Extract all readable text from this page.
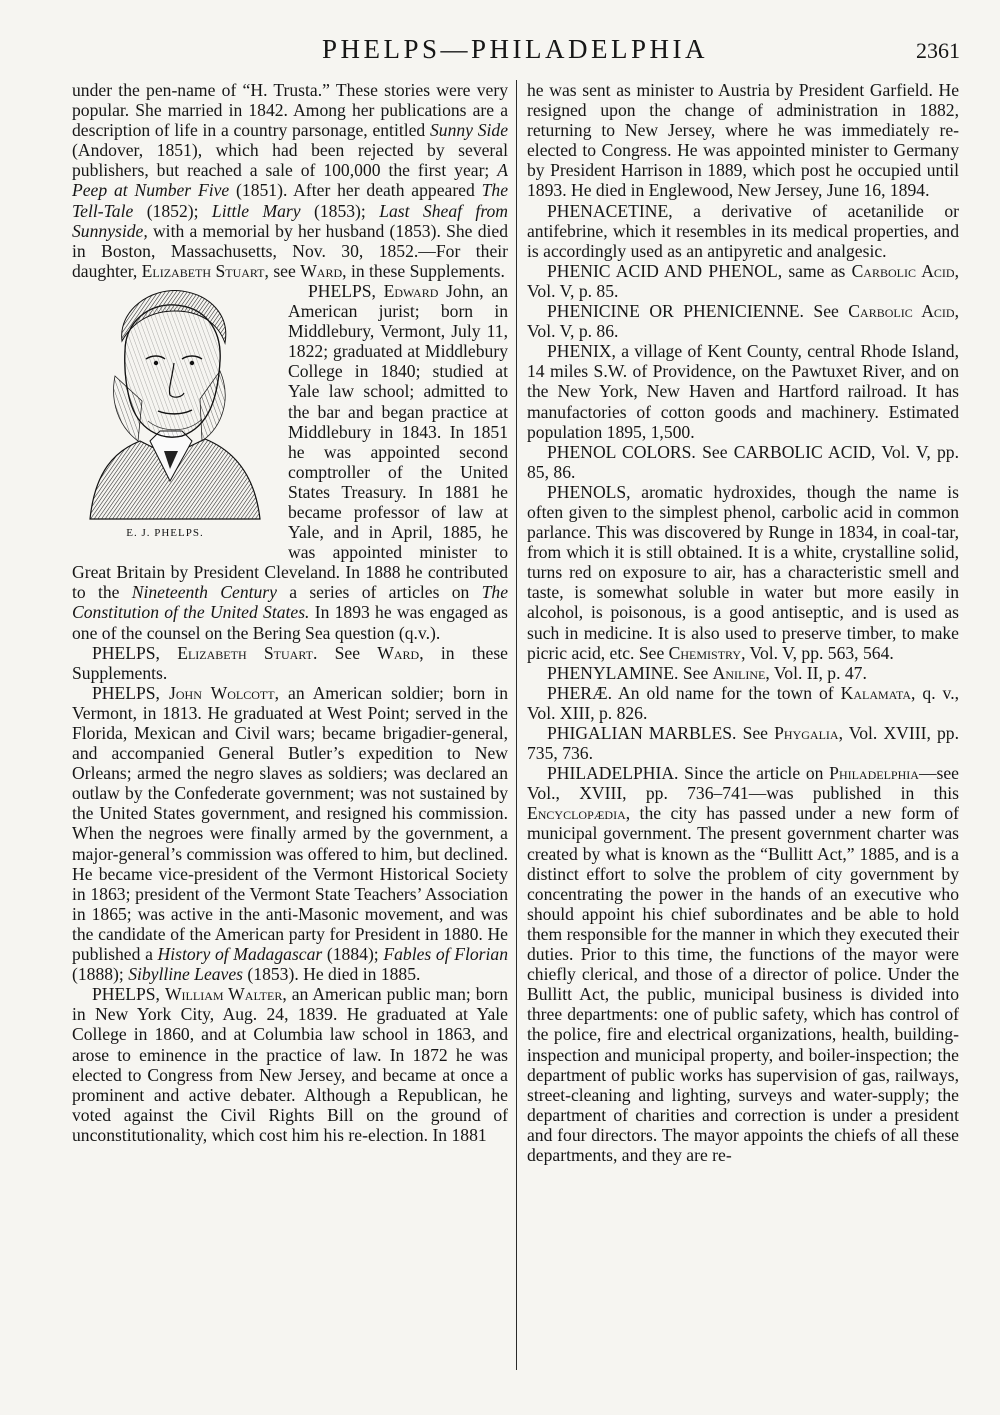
PHELPS—PHILADELPHIA	2361

under the pen-name of “H. Trusta.” These stories were very popular. She married in 1842. Among her publications are a description of life in a country parsonage, entitled Sunny Side (Andover, 1851), which had been rejected by several publishers, but reached a sale of 100,000 the first year; A Peep at Number Five (1851). After her death appeared The Tell-Tale (1852); Little Mary (1853); Last Sheaf from Sunnyside, with a memorial by her husband (1853). She died in Boston, Massachusetts, Nov. 30, 1852.—For their daughter, Elizabeth Stuart, see Ward, in these Supplements.

PHELPS, Edward
E. J. PHELPS.
John, an American jurist; born in Middlebury, Vermont, July 11, 1822; graduated at Middlebury College in 1840; studied at Yale law school; admitted to the bar and began practice at Middlebury in 1843. In 1851 he was appointed second comptroller of the United States Treasury. In 1881 he became professor of law at Yale, and in April, 1885, he was appointed minister to Great Britain by President Cleveland. In 1888 he contributed to the Nineteenth Century a series of articles on The Constitution of the United States. In 1893 he was engaged as one of the counsel on the Bering Sea question (q.v.).

PHELPS, Elizabeth Stuart. See Ward, in these Supplements.

PHELPS, John Wolcott, an American soldier; born in Vermont, in 1813. He graduated at West Point; served in the Florida, Mexican and Civil wars; became brigadier-general, and accompanied General Butler’s expedition to New Orleans; armed the negro slaves as soldiers; was declared an outlaw by the Confederate government; was not sustained by the United States government, and resigned his commission. When the negroes were finally armed by the government, a major-general’s commission was offered to him, but declined. He became vice-president of the Vermont Historical Society in 1863; president of the Vermont State Teachers’ Association in 1865; was active in the anti-Masonic movement, and was the candidate of the American party for President in 1880. He published a History of Madagascar (1884); Fables of Florian (1888); Sibylline Leaves (1853). He died in 1885.

PHELPS, William Walter, an American public man; born in New York City, Aug. 24, 1839. He graduated at Yale College in 1860, and at Columbia law school in 1863, and arose to eminence in the practice of law. In 1872 he was elected to Congress from New Jersey, and became at once a prominent and active debater. Although a Republican, he voted against the Civil Rights Bill on the ground of unconstitutionality, which cost him his re-election. In 1881

he was sent as minister to Austria by President Garfield. He resigned upon the change of administration in 1882, returning to New Jersey, where he was immediately re-elected to Congress. He was appointed minister to Germany by President Harrison in 1889, which post he occupied until 1893. He died in Englewood, New Jersey, June 16, 1894.

PHENACETINE, a derivative of acetanilide or antifebrine, which it resembles in its medical properties, and is accordingly used as an antipyretic and analgesic.

PHENIC ACID AND PHENOL, same as Carbolic Acid, Vol. V, p. 85.

PHENICINE OR PHENICIENNE. See Carbolic Acid, Vol. V, p. 86.

PHENIX, a village of Kent County, central Rhode Island, 14 miles S.W. of Providence, on the Pawtuxet River, and on the New York, New Haven and Hartford railroad. It has manufactories of cotton goods and machinery. Estimated population 1895, 1,500.

PHENOL COLORS. See CARBOLIC ACID, Vol. V, pp. 85, 86.

PHENOLS, aromatic hydroxides, though the name is often given to the simplest phenol, carbolic acid in common parlance. This was discovered by Runge in 1834, in coal-tar, from which it is still obtained. It is a white, crystalline solid, turns red on exposure to air, has a characteristic smell and taste, is somewhat soluble in water but more easily in alcohol, is poisonous, is a good antiseptic, and is used as such in medicine. It is also used to preserve timber, to make picric acid, etc. See Chemistry, Vol. V, pp. 563, 564.

PHENYLAMINE. See Aniline, Vol. II, p. 47.

PHERÆ. An old name for the town of Kalamata, q. v., Vol. XIII, p. 826.

PHIGALIAN MARBLES. See Phygalia, Vol. XVIII, pp. 735, 736.

PHILADELPHIA. Since the article on Philadelphia—see Vol., XVIII, pp. 736–741—was published in this Encyclopædia, the city has passed under a new form of municipal government. The present government charter was created by what is known as the “Bullitt Act,” 1885, and is a distinct effort to solve the problem of city government by concentrating the power in the hands of an executive who should appoint his chief subordinates and be able to hold them responsible for the manner in which they executed their duties. Prior to this time, the functions of the mayor were chiefly clerical, and those of a director of police. Under the Bullitt Act, the public, municipal business is divided into three departments: one of public safety, which has control of the police, fire and electrical organizations, health, building-inspection and municipal property, and boiler-inspection; the department of public works has supervision of gas, railways, street-cleaning and lighting, surveys and water-supply; the department of charities and correction is under a president and four directors. The mayor appoints the chiefs of all these departments, and they are re-
